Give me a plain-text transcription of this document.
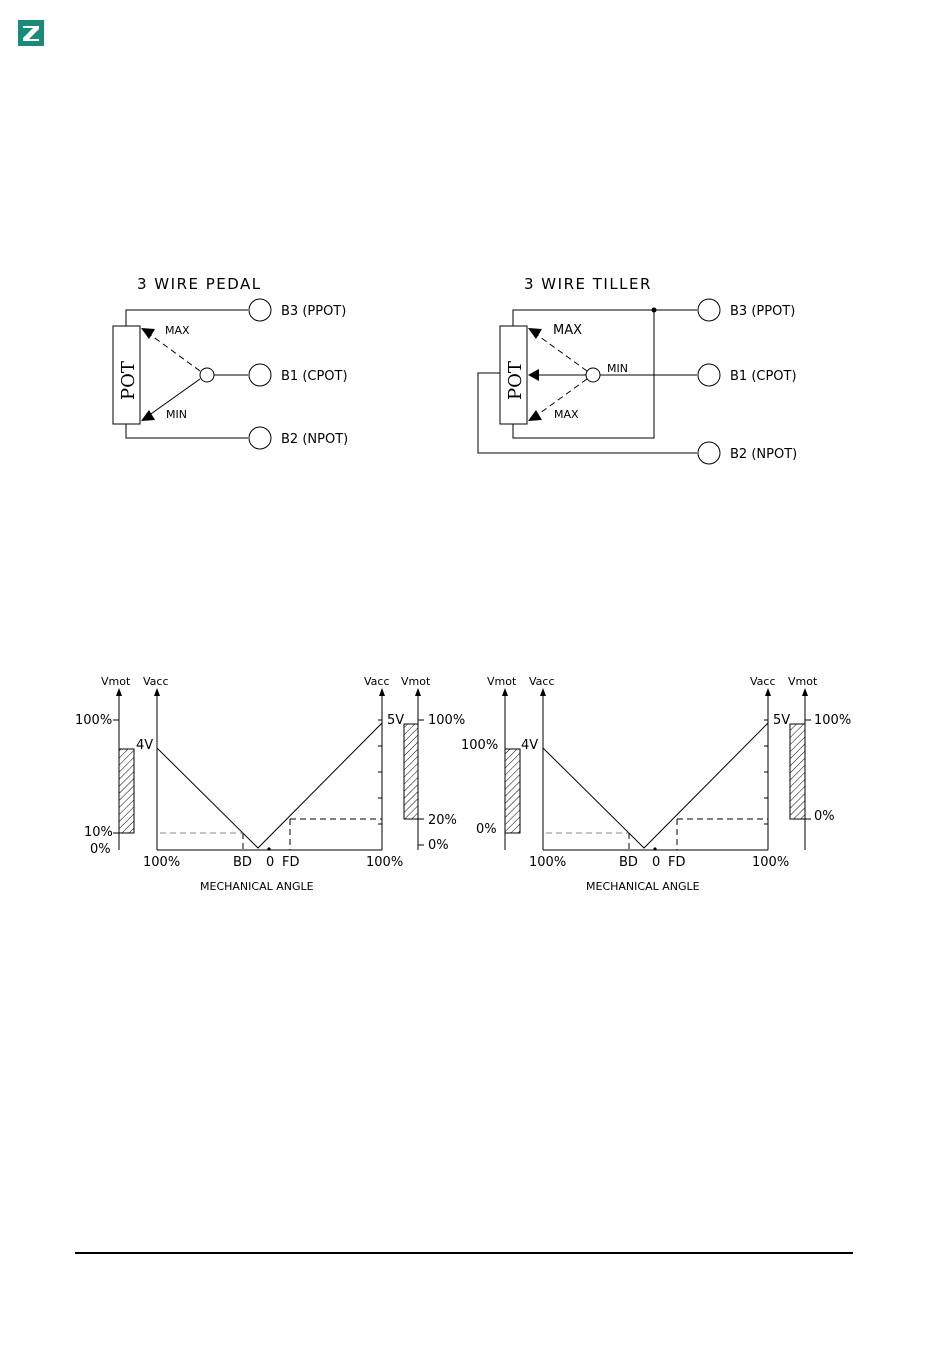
3 WIRE PEDAL
POT
MAX
MIN
B3 (PPOT)
B1 (CPOT)
B2 (NPOT)
3 WIRE TILLER
POT
MAX
MIN
MAX
B3 (PPOT)
B1 (CPOT)
B2 (NPOT)
Vmot Vacc
100%
10%
0%
4V
Vacc Vmot
5V 100%
20%
0%
100%	BD 0 FD	100%
MECHANICAL ANGLE
Vmot Vacc
100%
0%
4V
Vacc Vmot
5V 100%
0%
100%	BD 0 FD	100%
MECHANICAL ANGLE
